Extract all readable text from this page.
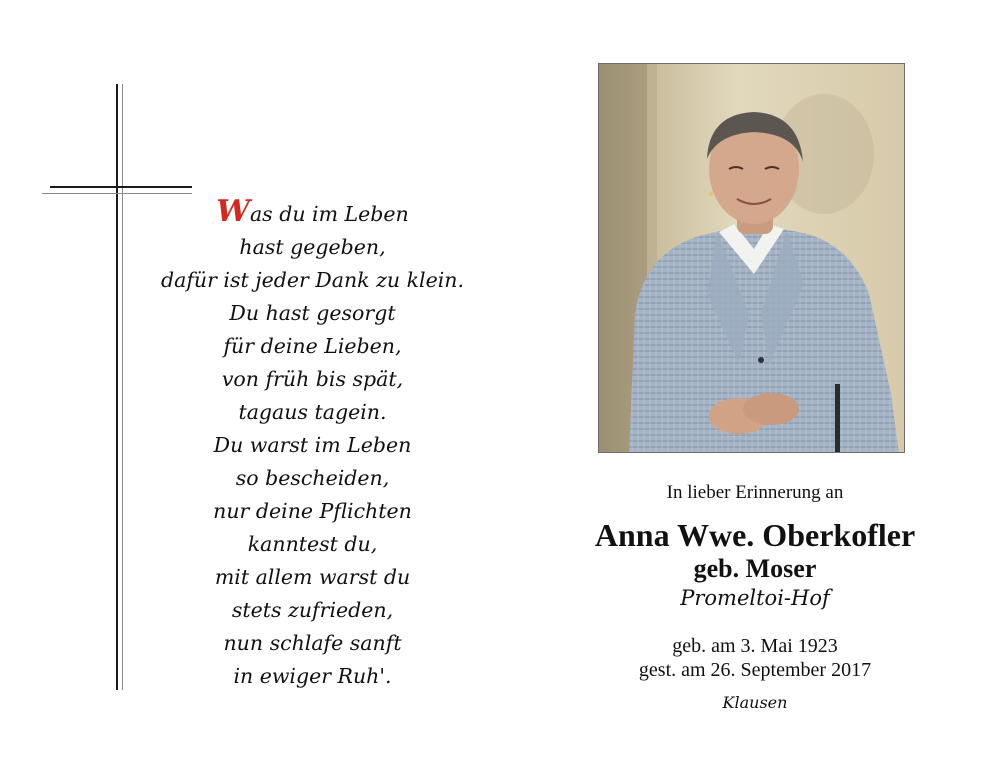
Was du im Leben
hast gegeben,
dafür ist jeder Dank zu klein.
Du hast gesorgt
für deine Lieben,
von früh bis spät,
tagaus tagein.
Du warst im Leben
so bescheiden,
nur deine Pflichten
kanntest du,
mit allem warst du
stets zufrieden,
nun schlafe sanft
in ewiger Ruh'.

In lieber Erinnerung an

Anna Wwe. Oberkofler

geb. Moser

Promeltoi-Hof

geb. am 3. Mai 1923
gest. am 26. September 2017

Klausen
